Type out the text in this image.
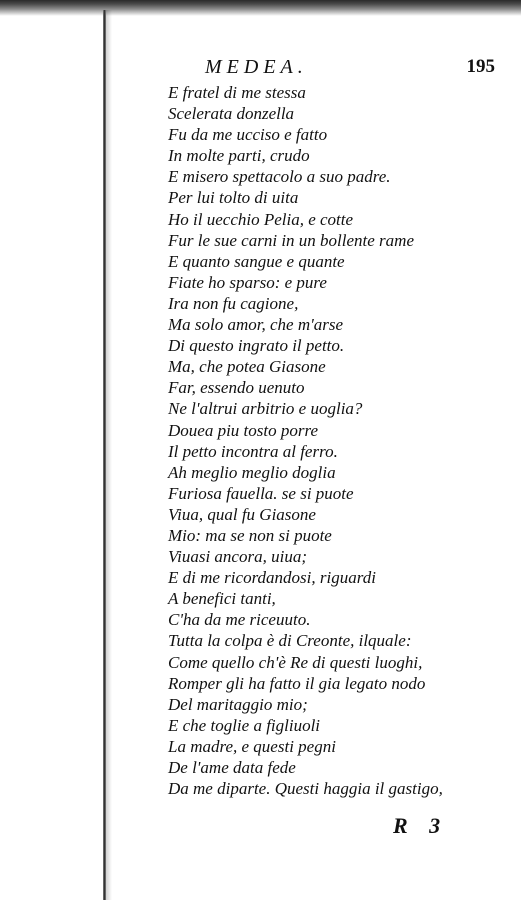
MEDEA.	195
E fratel di me stessa
Scelerata donzella
Fu da me ucciso e fatto
In molte parti, crudo
E misero spettacolo a suo padre.
Per lui tolto di uita
Ho il uecchio Pelia, e cotte
Fur le sue carni in un bollente rame
E quanto sangue e quante
Fiate ho sparso: e pure
Ira non fu cagione,
Ma solo amor, che m'arse
Di questo ingrato il petto.
Ma, che potea Giasone
Far, essendo uenuto
Ne l'altrui arbitrio e uoglia?
Douea piu tosto porre
Il petto incontra al ferro.
Ah meglio meglio doglia
Furiosa fauella. se si puote
Viua, qual fu Giasone
Mio: ma se non si puote
Viuasi ancora, uiua;
E di me ricordandosi, riguardi
A benefici tanti,
C'ha da me riceuuto.
Tutta la colpa è di Creonte, ilquale:
Come quello ch'è Re di questi luoghi,
Romper gli ha fatto il gia legato nodo
Del maritaggio mio;
E che toglie a figliuoli
La madre, e questi pegni
De l'ame data fede
Da me diparte. Questi haggia il gastigo,
R 3
